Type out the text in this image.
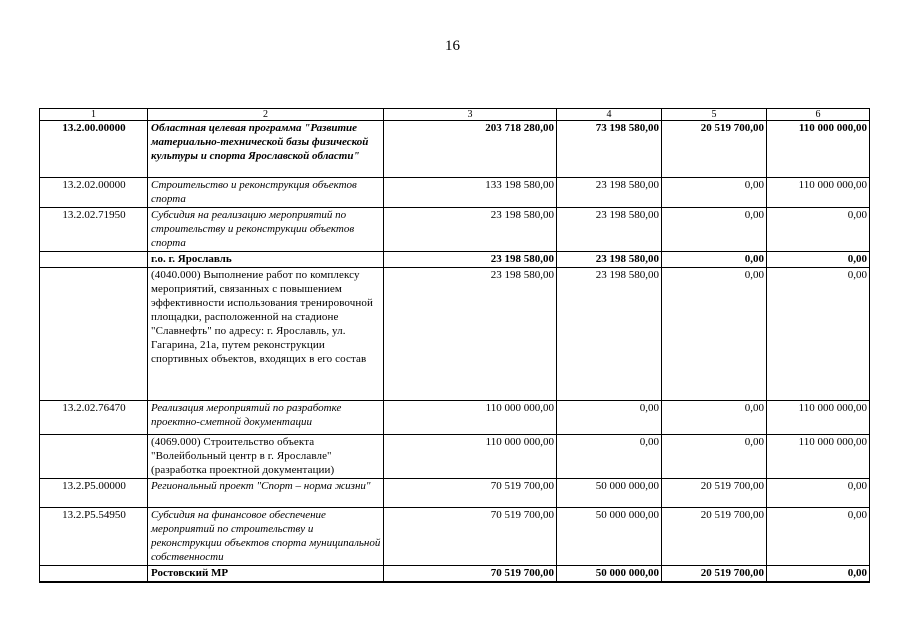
16
1	2	3	4	5	6
13.2.00.00000	Областная целевая программа "Развитие материально-технической базы физической культуры и спорта Ярославской области"	203 718 280,00	73 198 580,00	20 519 700,00	110 000 000,00
13.2.02.00000	Строительство и реконструкция объектов спорта	133 198 580,00	23 198 580,00	0,00	110 000 000,00
13.2.02.71950	Субсидия на реализацию мероприятий по строительству и реконструкции объектов спорта	23 198 580,00	23 198 580,00	0,00	0,00
	г.о. г. Ярославль	23 198 580,00	23 198 580,00	0,00	0,00
	(4040.000) Выполнение работ по комплексу мероприятий, связанных с повышением эффективности использования тренировочной площадки, расположенной на стадионе "Славнефть" по адресу: г. Ярославль, ул. Гагарина, 21а, путем реконструкции спортивных объектов, входящих в его состав	23 198 580,00	23 198 580,00	0,00	0,00
13.2.02.76470	Реализация мероприятий по разработке проектно-сметной документации	110 000 000,00	0,00	0,00	110 000 000,00
	(4069.000) Строительство объекта "Волейбольный центр в г. Ярославле" (разработка проектной документации)	110 000 000,00	0,00	0,00	110 000 000,00
13.2.Р5.00000	Региональный проект "Спорт – норма жизни"	70 519 700,00	50 000 000,00	20 519 700,00	0,00
13.2.Р5.54950	Субсидия на финансовое обеспечение мероприятий по строительству и реконструкции объектов спорта муниципальной собственности	70 519 700,00	50 000 000,00	20 519 700,00	0,00
	Ростовский МР	70 519 700,00	50 000 000,00	20 519 700,00	0,00
